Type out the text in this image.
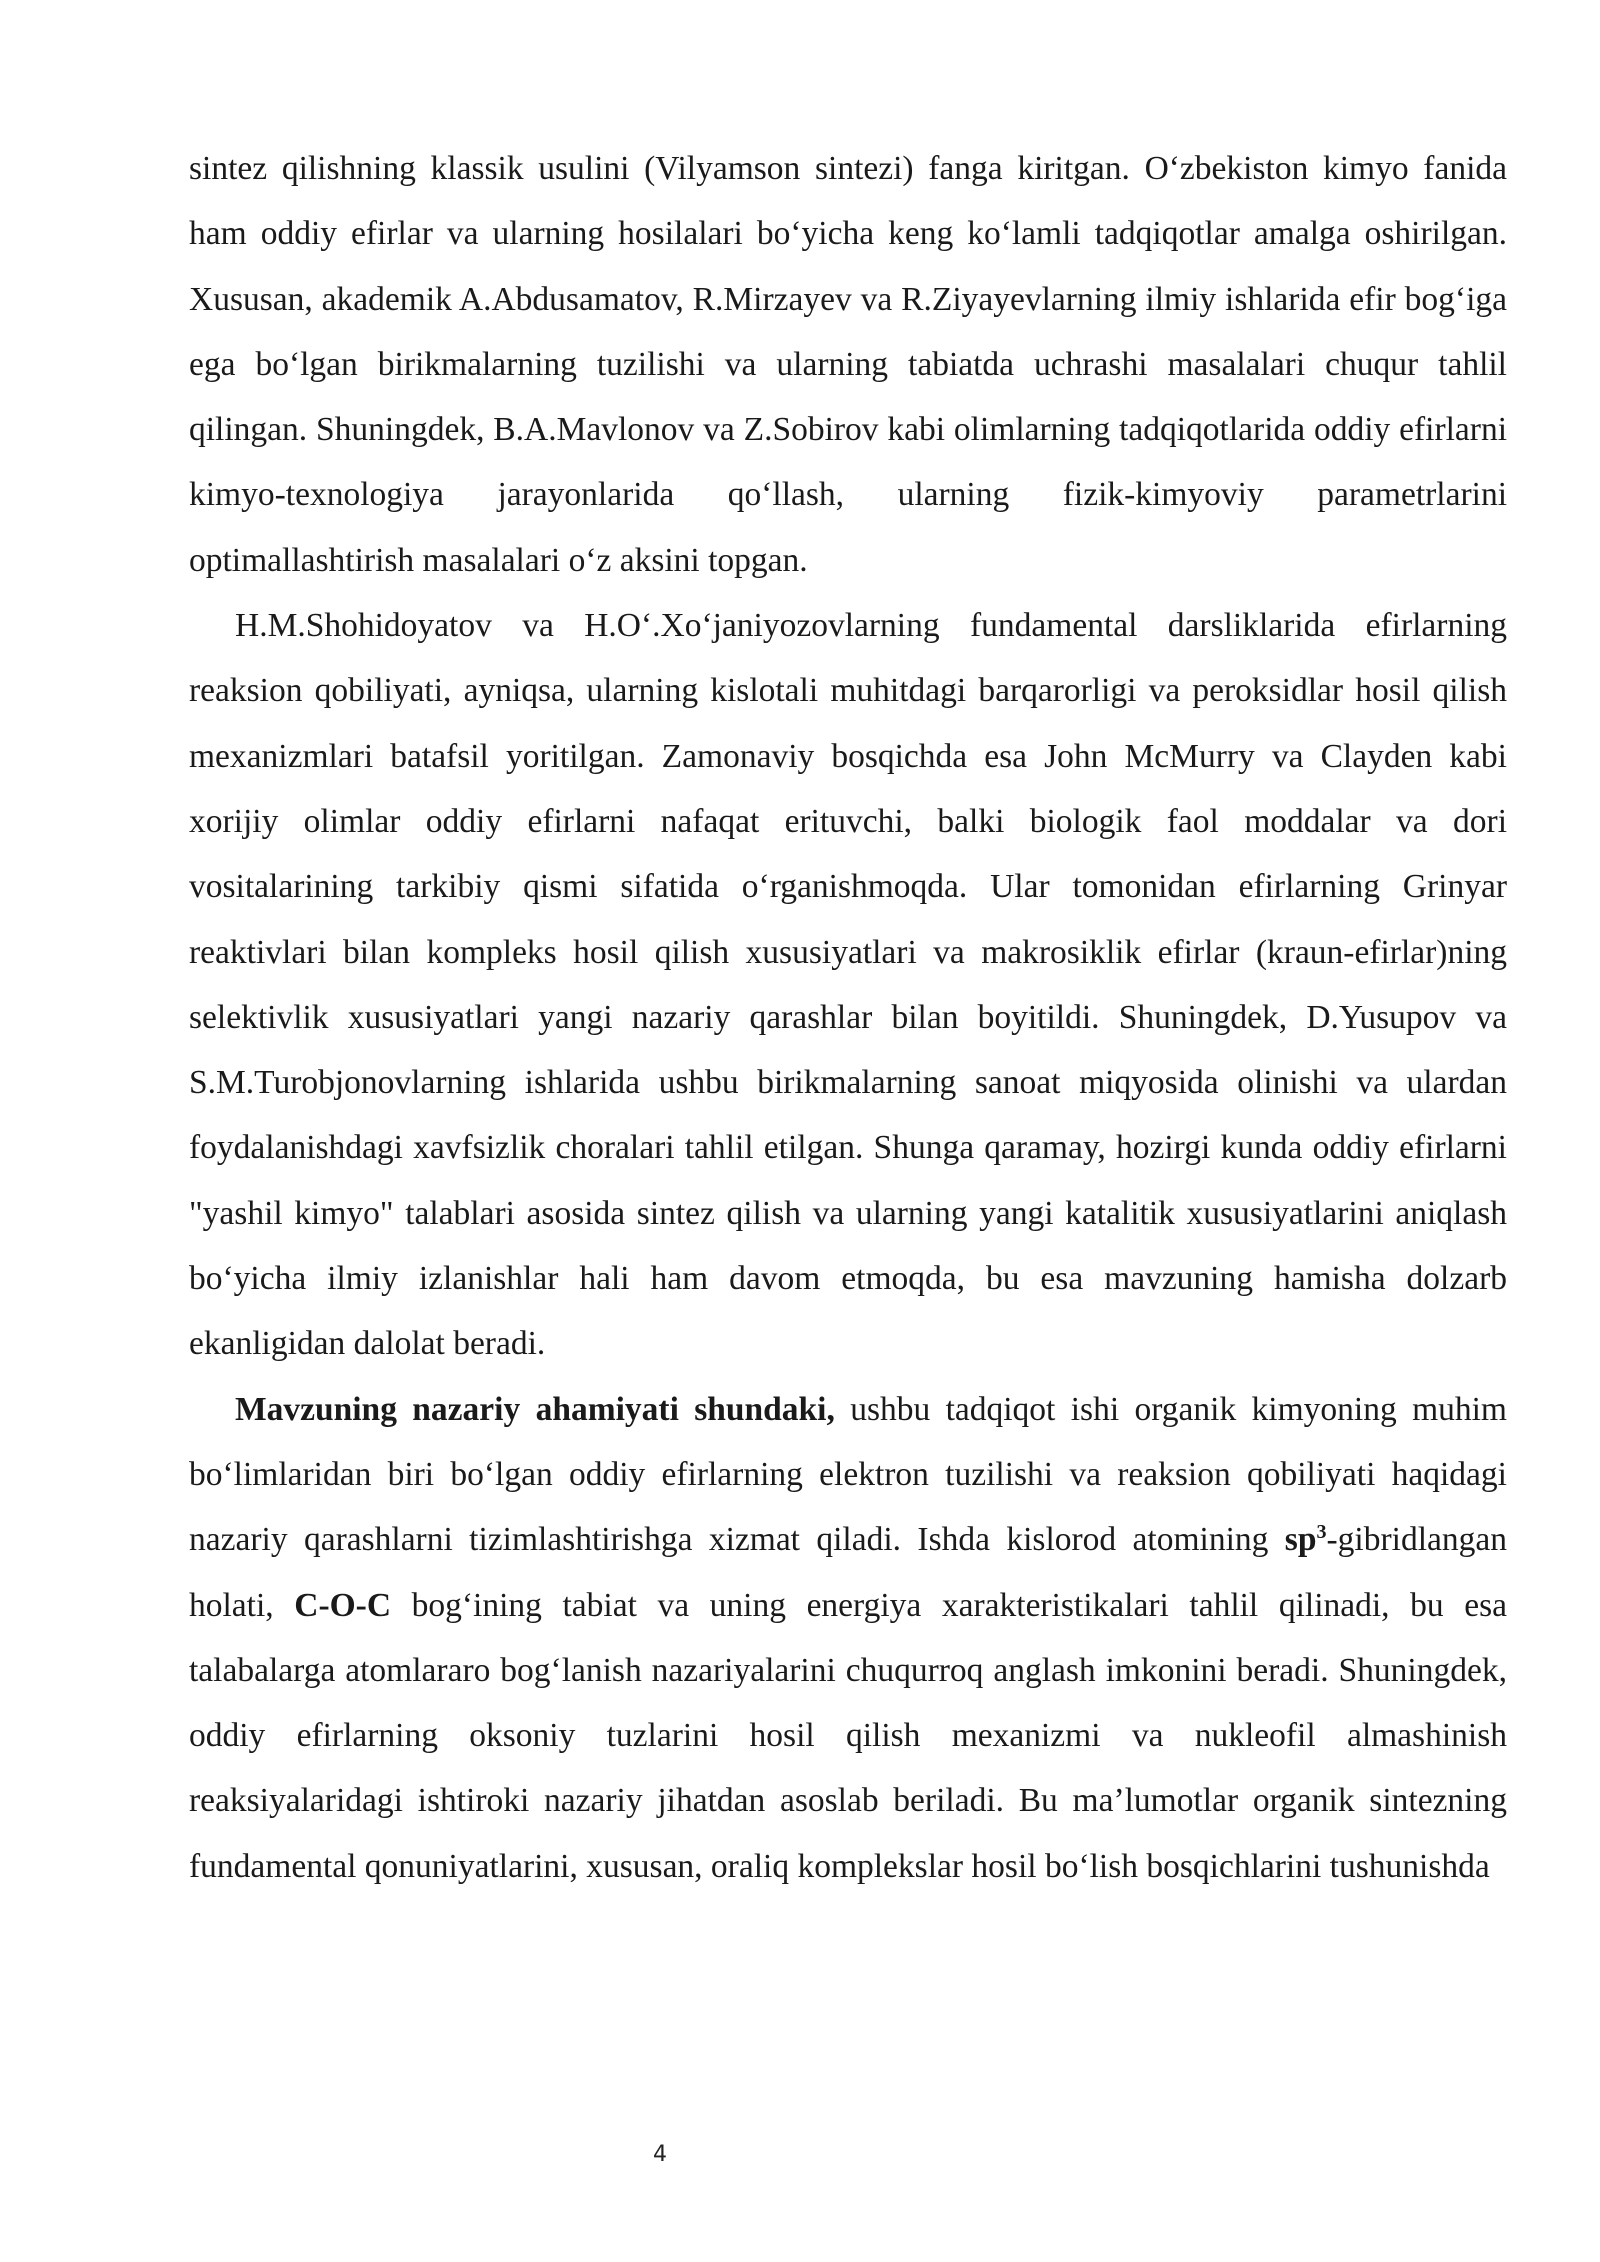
sintez qilishning klassik usulini (Vilyamson sintezi) fanga kiritgan. O‘zbekiston kimyo fanida ham oddiy efirlar va ularning hosilalari bo‘yicha keng ko‘lamli tadqiqotlar amalga oshirilgan. Xususan, akademik A.Abdusamatov, R.Mirzayev va R.Ziyayevlarning ilmiy ishlarida efir bog‘iga ega bo‘lgan birikmalarning tuzilishi va ularning tabiatda uchrashi masalalari chuqur tahlil qilingan. Shuningdek, B.A.Mavlonov va Z.Sobirov kabi olimlarning tadqiqotlarida oddiy efirlarni kimyo-texnologiya jarayonlarida qo‘llash, ularning fizik-kimyoviy parametrlarini optimallashtirish masalalari o‘z aksini topgan.

H.M.Shohidoyatov va H.O‘.Xo‘janiyozovlarning fundamental darsliklarida efirlarning reaksion qobiliyati, ayniqsa, ularning kislotali muhitdagi barqarorligi va peroksidlar hosil qilish mexanizmlari batafsil yoritilgan. Zamonaviy bosqichda esa John McMurry va Clayden kabi xorijiy olimlar oddiy efirlarni nafaqat erituvchi, balki biologik faol moddalar va dori vositalarining tarkibiy qismi sifatida o‘rganishmoqda. Ular tomonidan efirlarning Grinyar reaktivlari bilan kompleks hosil qilish xususiyatlari va makrosiklik efirlar (kraun-efirlar)ning selektivlik xususiyatlari yangi nazariy qarashlar bilan boyitildi. Shuningdek, D.Yusupov va S.M.Turobjonovlarning ishlarida ushbu birikmalarning sanoat miqyosida olinishi va ulardan foydalanishdagi xavfsizlik choralari tahlil etilgan. Shunga qaramay, hozirgi kunda oddiy efirlarni "yashil kimyo" talablari asosida sintez qilish va ularning yangi katalitik xususiyatlarini aniqlash bo‘yicha ilmiy izlanishlar hali ham davom etmoqda, bu esa mavzuning hamisha dolzarb ekanligidan dalolat beradi.

Mavzuning nazariy ahamiyati shundaki, ushbu tadqiqot ishi organik kimyoning muhim bo‘limlaridan biri bo‘lgan oddiy efirlarning elektron tuzilishi va reaksion qobiliyati haqidagi nazariy qarashlarni tizimlashtirishga xizmat qiladi. Ishda kislorod atomining $sp^3$-gibridlangan holati, C-O-C bog‘ining tabiat va uning energiya xarakteristikalari tahlil qilinadi, bu esa talabalarga atomlararo bog‘lanish nazariyalarini chuqurroq anglash imkonini beradi. Shuningdek, oddiy efirlarning oksoniy tuzlarini hosil qilish mexanizmi va nukleofil almashinish reaksiyalaridagi ishtiroki nazariy jihatdan asoslab beriladi. Bu ma’lumotlar organik sintezning fundamental qonuniyatlarini, xususan, oraliq komplekslar hosil bo‘lish bosqichlarini tushunishda

4
